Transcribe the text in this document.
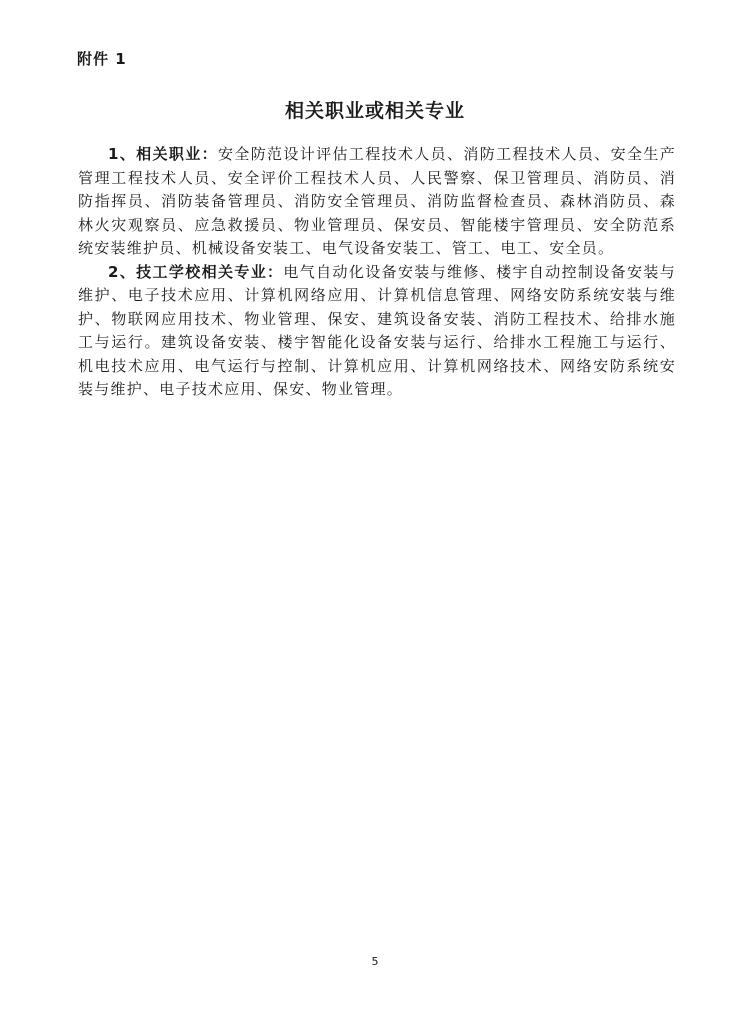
附件 1
相关职业或相关专业

1、相关职业：安全防范设计评估工程技术人员、消防工程技术人员、安全生产管理工程技术人员、安全评价工程技术人员、人民警察、保卫管理员、消防员、消防指挥员、消防装备管理员、消防安全管理员、消防监督检查员、森林消防员、森林火灾观察员、应急救援员、物业管理员、保安员、智能楼宇管理员、安全防范系统安装维护员、机械设备安装工、电气设备安装工、管工、电工、安全员。

2、技工学校相关专业：电气自动化设备安装与维修、楼宇自动控制设备安装与维护、电子技术应用、计算机网络应用、计算机信息管理、网络安防系统安装与维护、物联网应用技术、物业管理、保安、建筑设备安装、消防工程技术、给排水施工与运行。建筑设备安装、楼宇智能化设备安装与运行、给排水工程施工与运行、机电技术应用、电气运行与控制、计算机应用、计算机网络技术、网络安防系统安装与维护、电子技术应用、保安、物业管理。

5
